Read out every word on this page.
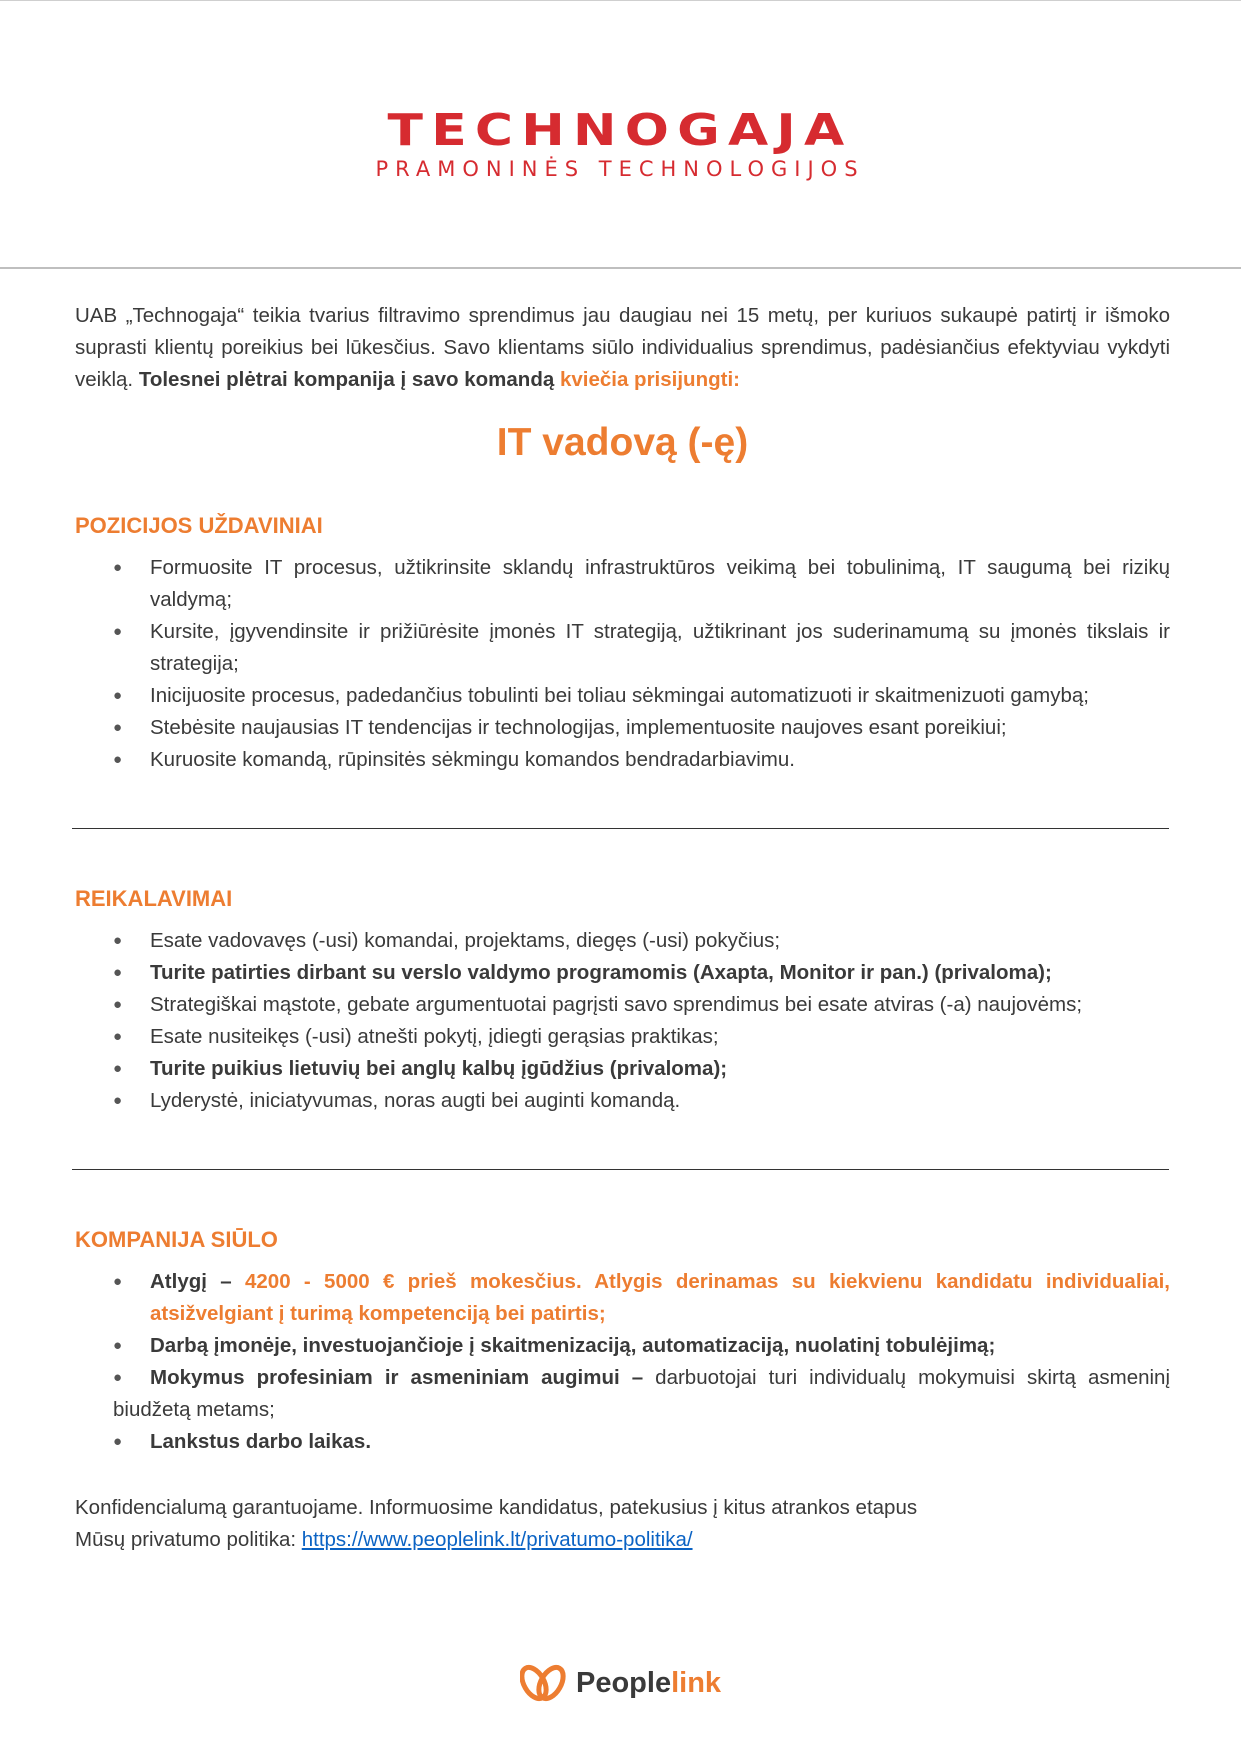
TECHNOGAJA
PRAMONINĖS TECHNOLOGIJOS

UAB „Technogaja“ teikia tvarius filtravimo sprendimus jau daugiau nei 15 metų, per kuriuos sukaupė patirtį ir išmoko suprasti klientų poreikius bei lūkesčius. Savo klientams siūlo individualius sprendimus, padėsiančius efektyviau vykdyti veiklą. Tolesnei plėtrai kompanija į savo komandą kviečia prisijungti:

IT vadovą (-ę)
POZICIJOS UŽDAVINIAI
● Formuosite IT procesus, užtikrinsite sklandų infrastruktūros veikimą bei tobulinimą, IT saugumą bei rizikų valdymą;
● Kursite, įgyvendinsite ir prižiūrėsite įmonės IT strategiją, užtikrinant jos suderinamumą su įmonės tikslais ir strategija;
● Inicijuosite procesus, padedančius tobulinti bei toliau sėkmingai automatizuoti ir skaitmenizuoti gamybą;
● Stebėsite naujausias IT tendencijas ir technologijas, implementuosite naujoves esant poreikiui;
● Kuruosite komandą, rūpinsitės sėkmingu komandos bendradarbiavimu.
REIKALAVIMAI
● Esate vadovavęs (-usi) komandai, projektams, diegęs (-usi) pokyčius;
● Turite patirties dirbant su verslo valdymo programomis (Axapta, Monitor ir pan.) (privaloma);
● Strategiškai mąstote, gebate argumentuotai pagrįsti savo sprendimus bei esate atviras (-a) naujovėms;
● Esate nusiteikęs (-usi) atnešti pokytį, įdiegti gerąsias praktikas;
● Turite puikius lietuvių bei anglų kalbų įgūdžius (privaloma);
● Lyderystė, iniciatyvumas, noras augti bei auginti komandą.
KOMPANIJA SIŪLO
● Atlygį – 4200 - 5000 € prieš mokesčius. Atlygis derinamas su kiekvienu kandidatu individualiai, atsižvelgiant į turimą kompetenciją bei patirtis;
● Darbą įmonėje, investuojančioje į skaitmenizaciją, automatizaciją, nuolatinį tobulėjimą;
● Mokymus profesiniam ir asmeniniam augimui – darbuotojai turi individualų mokymuisi skirtą asmeninį biudžetą metams;
● Lankstus darbo laikas.
Konfidencialumą garantuojame. Informuosime kandidatus, patekusius į kitus atrankos etapus
Mūsų privatumo politika: https://www.peoplelink.lt/privatumo-politika/
Peoplelink
